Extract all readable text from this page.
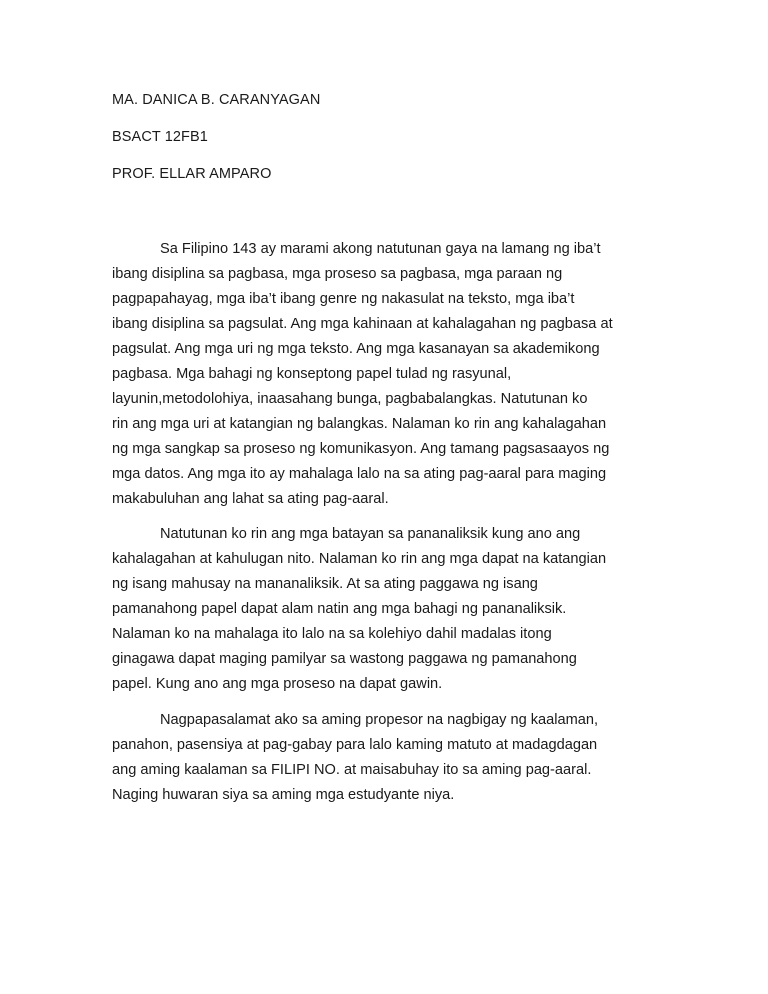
MA. DANICA B. CARANYAGAN
BSACT 12FB1
PROF. ELLAR AMPARO
Sa Filipino 143 ay marami akong natutunan gaya na lamang ng iba’t
ibang disiplina sa pagbasa, mga proseso sa pagbasa, mga paraan ng
pagpapahayag, mga iba’t ibang genre ng nakasulat na teksto, mga iba’t
ibang disiplina sa pagsulat. Ang mga kahinaan at kahalagahan ng pagbasa at
pagsulat. Ang mga uri ng mga teksto. Ang mga kasanayan sa akademikong
pagbasa. Mga bahagi ng konseptong papel tulad ng rasyunal,
layunin,metodolohiya, inaasahang bunga, pagbabalangkas. Natutunan ko
rin ang mga uri at katangian ng balangkas. Nalaman ko rin ang kahalagahan
ng mga sangkap sa proseso ng komunikasyon. Ang tamang pagsasaayos ng
mga datos. Ang mga ito ay mahalaga lalo na sa ating pag-aaral para maging
makabuluhan ang lahat sa ating pag-aaral.
Natutunan ko rin ang mga batayan sa pananaliksik kung ano ang
kahalagahan at kahulugan nito. Nalaman ko rin ang mga dapat na katangian
ng isang mahusay na mananaliksik. At sa ating paggawa ng isang
pamanahong papel dapat alam natin ang mga bahagi ng pananaliksik.
Nalaman ko na mahalaga ito lalo na sa kolehiyo dahil madalas itong
ginagawa dapat maging pamilyar sa wastong paggawa ng pamanahong
papel. Kung ano ang mga proseso na dapat gawin.
Nagpapasalamat ako sa aming propesor na nagbigay ng kaalaman,
panahon, pasensiya at pag-gabay para lalo kaming matuto at madagdagan
ang aming kaalaman sa FILIPI NO. at maisabuhay ito sa aming pag-aaral.
Naging huwaran siya sa aming mga estudyante niya.
